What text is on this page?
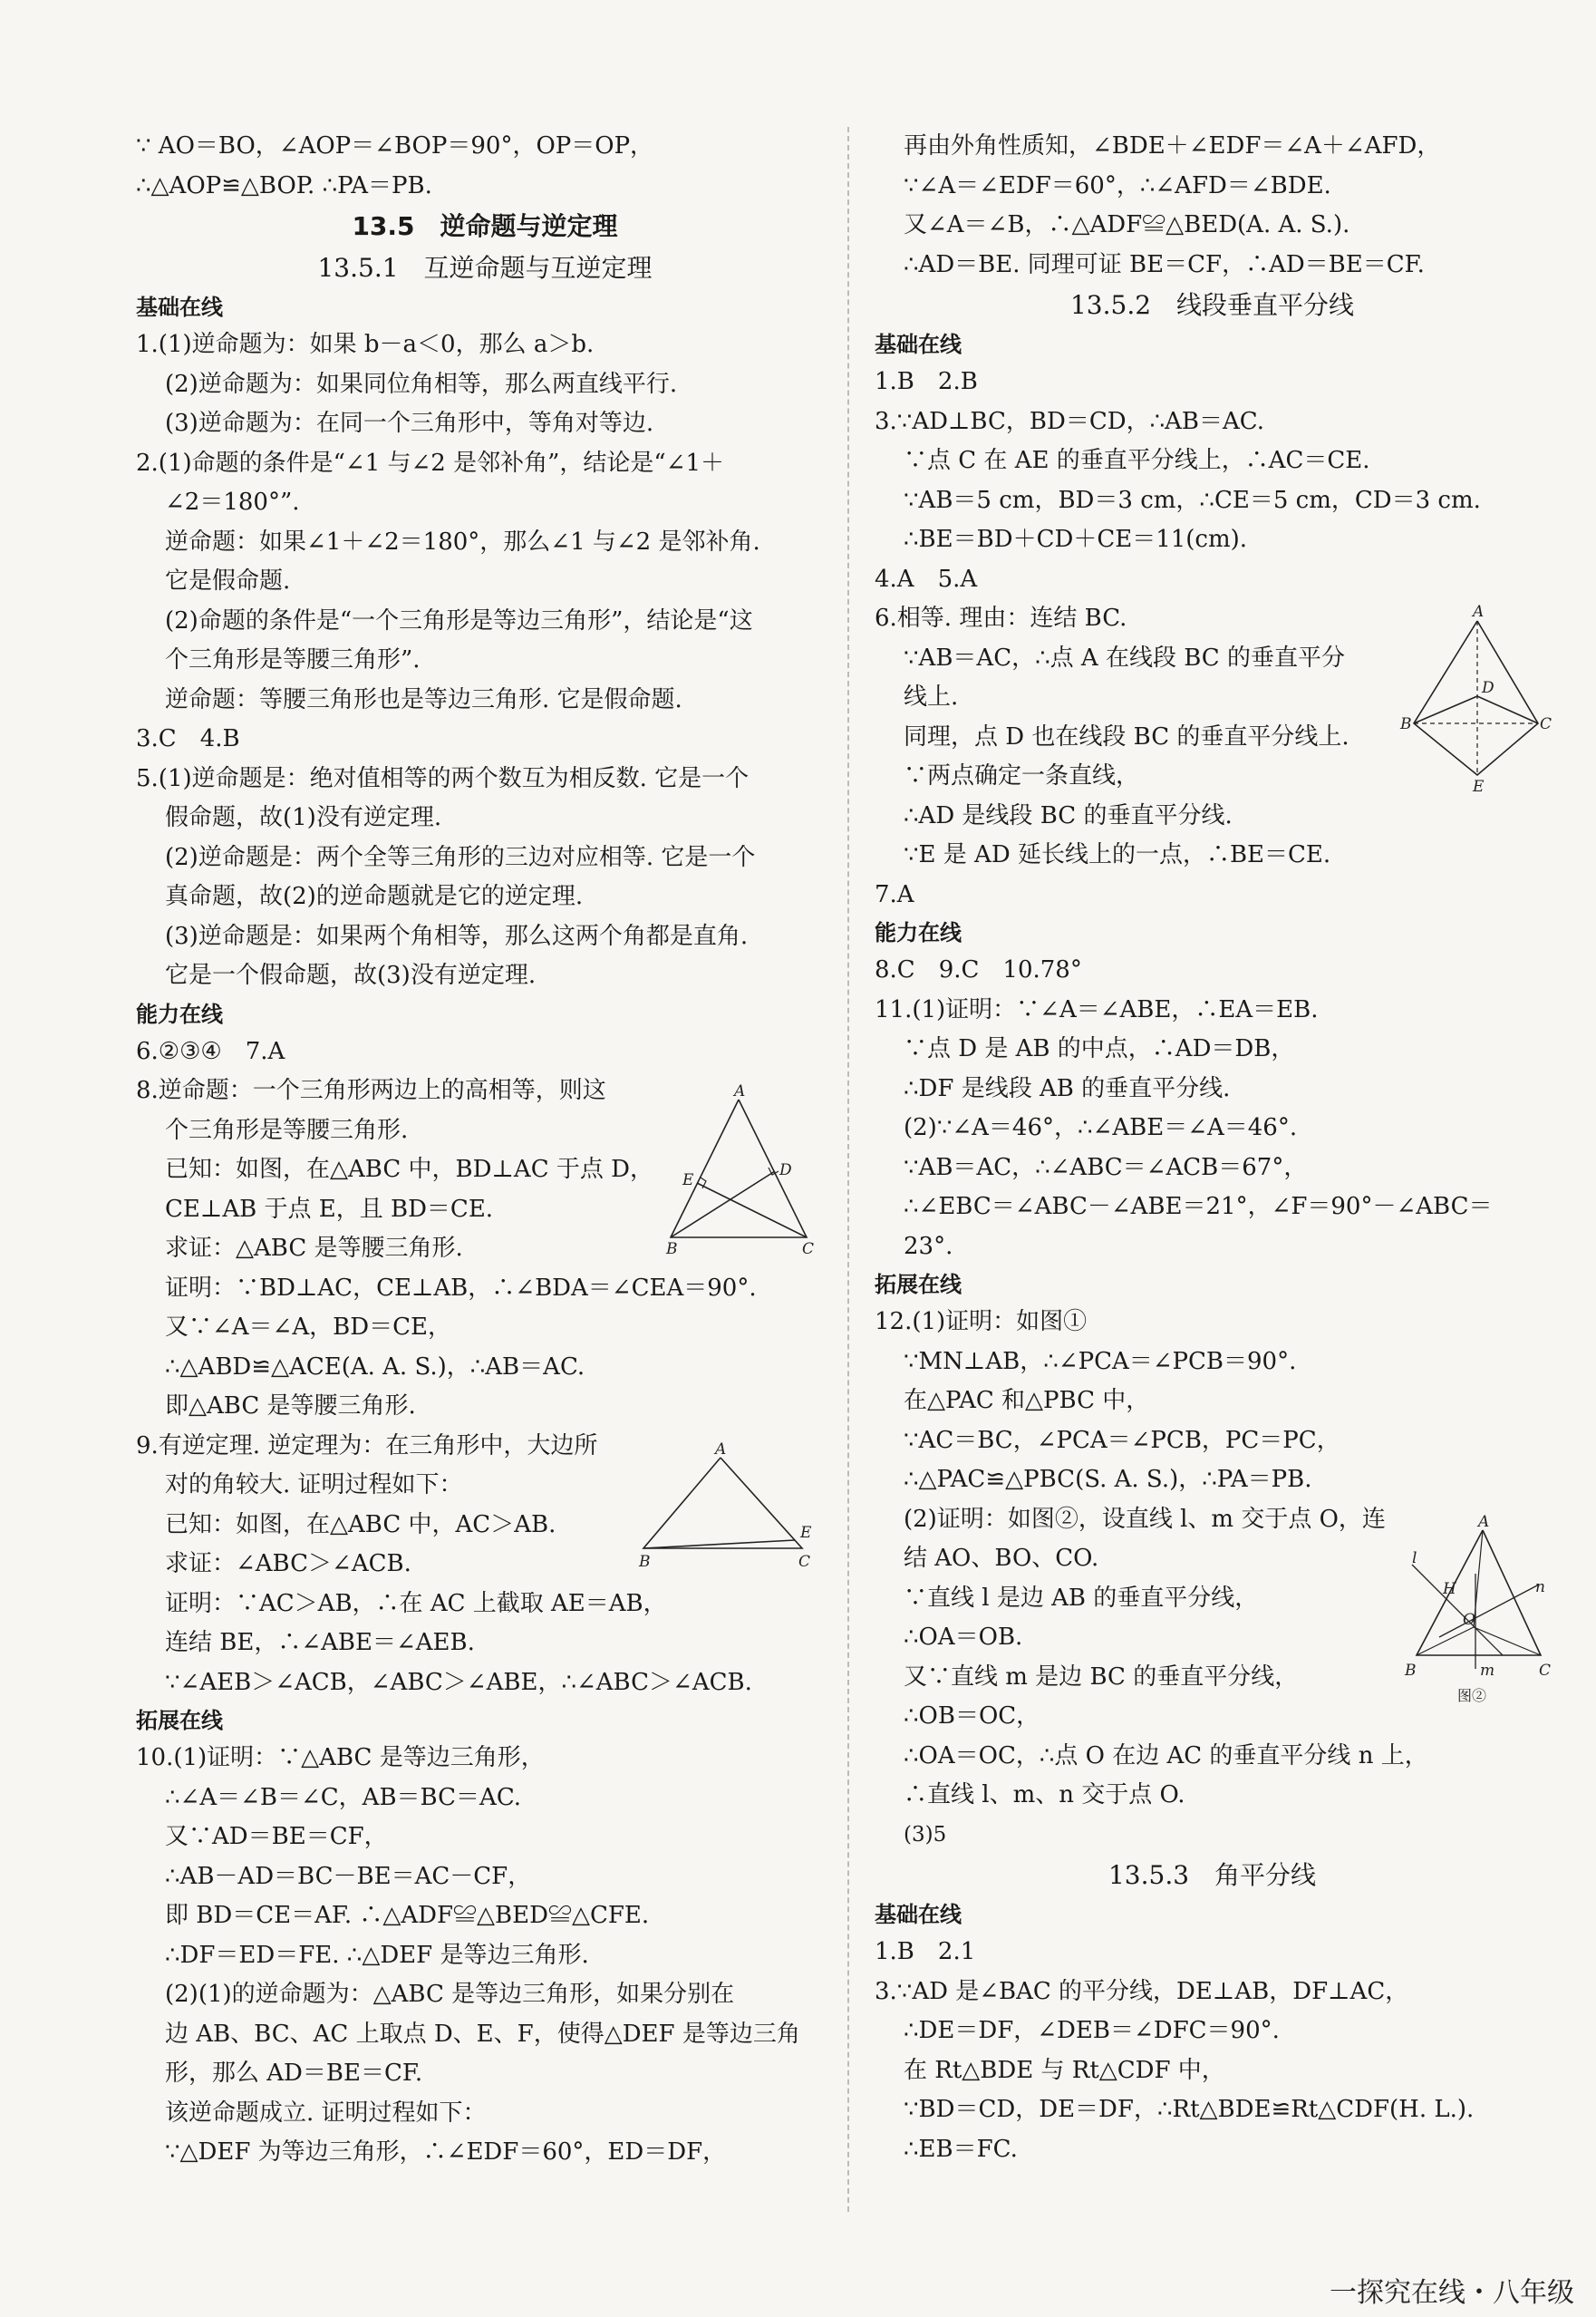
∵ AO＝BO，∠AOP＝∠BOP＝90°，OP＝OP，
∴△AOP≌△BOP. ∴PA＝PB.
13.5　逆命题与逆定理
13.5.1　互逆命题与互逆定理
基础在线
1.(1)逆命题为：如果 b－a＜0，那么 a＞b.
(2)逆命题为：如果同位角相等，那么两直线平行.
(3)逆命题为：在同一个三角形中，等角对等边.
2.(1)命题的条件是“∠1 与∠2 是邻补角”，结论是“∠1＋
∠2＝180°”.
逆命题：如果∠1＋∠2＝180°，那么∠1 与∠2 是邻补角.
它是假命题.
(2)命题的条件是“一个三角形是等边三角形”，结论是“这
个三角形是等腰三角形”.
逆命题：等腰三角形也是等边三角形. 它是假命题.
3.C　4.B
5.(1)逆命题是：绝对值相等的两个数互为相反数. 它是一个
假命题，故(1)没有逆定理.
(2)逆命题是：两个全等三角形的三边对应相等. 它是一个
真命题，故(2)的逆命题就是它的逆定理.
(3)逆命题是：如果两个角相等，那么这两个角都是直角.
它是一个假命题，故(3)没有逆定理.
能力在线
6.②③④　7.A
8.逆命题：一个三角形两边上的高相等，则这
个三角形是等腰三角形.
已知：如图，在△ABC 中，BD⊥AC 于点 D，
CE⊥AB 于点 E，且 BD＝CE.
求证：△ABC 是等腰三角形.
证明：∵BD⊥AC，CE⊥AB，∴∠BDA＝∠CEA＝90°.
又∵∠A＝∠A，BD＝CE，
∴△ABD≌△ACE(A. A. S.)，∴AB＝AC.
即△ABC 是等腰三角形.
9.有逆定理. 逆定理为：在三角形中，大边所
对的角较大. 证明过程如下：
已知：如图，在△ABC 中，AC＞AB.
求证：∠ABC＞∠ACB.
证明：∵AC＞AB，∴在 AC 上截取 AE＝AB，
连结 BE，∴∠ABE＝∠AEB.
∵∠AEB＞∠ACB，∠ABC＞∠ABE，∴∠ABC＞∠ACB.
拓展在线
10.(1)证明：∵△ABC 是等边三角形，
∴∠A＝∠B＝∠C，AB＝BC＝AC.
又∵AD＝BE＝CF，
∴AB－AD＝BC－BE＝AC－CF，
即 BD＝CE＝AF. ∴△ADF≌△BED≌△CFE.
∴DF＝ED＝FE. ∴△DEF 是等边三角形.
(2)(1)的逆命题为：△ABC 是等边三角形，如果分别在
边 AB、BC、AC 上取点 D、E、F，使得△DEF 是等边三角
形，那么 AD＝BE＝CF.
该逆命题成立. 证明过程如下：
∵△DEF 为等边三角形，∴∠EDF＝60°，ED＝DF，
再由外角性质知，∠BDE＋∠EDF＝∠A＋∠AFD，
∵∠A＝∠EDF＝60°，∴∠AFD＝∠BDE.
又∠A＝∠B，∴△ADF≌△BED(A. A. S.).
∴AD＝BE. 同理可证 BE＝CF，∴AD＝BE＝CF.
13.5.2　线段垂直平分线
基础在线
1.B　2.B
3.∵AD⊥BC，BD＝CD，∴AB＝AC.
∵点 C 在 AE 的垂直平分线上，∴AC＝CE.
∵AB＝5 cm，BD＝3 cm，∴CE＝5 cm，CD＝3 cm.
∴BE＝BD＋CD＋CE＝11(cm).
4.A　5.A
6.相等. 理由：连结 BC.
∵AB＝AC，∴点 A 在线段 BC 的垂直平分
线上.
同理，点 D 也在线段 BC 的垂直平分线上.
∵两点确定一条直线，
∴AD 是线段 BC 的垂直平分线.
∵E 是 AD 延长线上的一点，∴BE＝CE.
7.A
能力在线
8.C　9.C　10.78°
11.(1)证明：∵∠A＝∠ABE，∴EA＝EB.
∵点 D 是 AB 的中点，∴AD＝DB，
∴DF 是线段 AB 的垂直平分线.
(2)∵∠A＝46°，∴∠ABE＝∠A＝46°.
∵AB＝AC，∴∠ABC＝∠ACB＝67°，
∴∠EBC＝∠ABC－∠ABE＝21°，∠F＝90°－∠ABC＝
23°.
拓展在线
12.(1)证明：如图①
∵MN⊥AB，∴∠PCA＝∠PCB＝90°.
在△PAC 和△PBC 中，
∵AC＝BC，∠PCA＝∠PCB，PC＝PC，
∴△PAC≌△PBC(S. A. S.)，∴PA＝PB.
(2)证明：如图②，设直线 l、m 交于点 O，连
结 AO、BO、CO.
∵直线 l 是边 AB 的垂直平分线，
∴OA＝OB.
又∵直线 m 是边 BC 的垂直平分线，
∴OB＝OC，
∴OA＝OC，∴点 O 在边 AC 的垂直平分线 n 上，
∴直线 l、m、n 交于点 O.
(3)5
13.5.3　角平分线
基础在线
1.B　2.1
3.∵AD 是∠BAC 的平分线，DE⊥AB，DF⊥AC，
∴DE＝DF，∠DEB＝∠DFC＝90°.
在 Rt△BDE 与 Rt△CDF 中，
∵BD＝CD，DE＝DF，∴Rt△BDE≌Rt△CDF(H. L.).
∴EB＝FC.
A
B	C
D
E
A
B	C
E
A
B	C
D
E
A
B	C
H
O
l
m
n
图②
一探究在线・八年级
